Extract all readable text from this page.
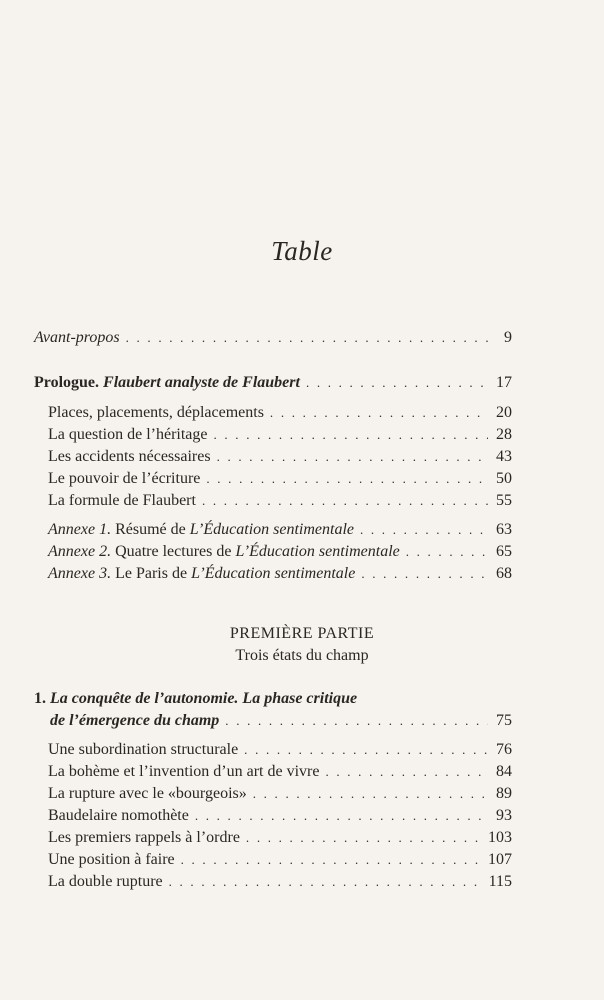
Table
Avant-propos . . .	9
Prologue. Flaubert analyste de Flaubert . . .	17
Places, placements, déplacements . . .	20
La question de l’héritage . . .	28
Les accidents nécessaires . . .	43
Le pouvoir de l’écriture . . .	50
La formule de Flaubert . . .	55
Annexe 1. Résumé de L’Éducation sentimentale . . .	63
Annexe 2. Quatre lectures de L’Éducation sentimentale . . .	65
Annexe 3. Le Paris de L’Éducation sentimentale . . .	68
PREMIÈRE PARTIE
Trois états du champ
1. La conquête de l’autonomie. La phase critique
de l’émergence du champ . . .	75
Une subordination structurale . . .	76
La bohème et l’invention d’un art de vivre . . .	84
La rupture avec le «bourgeois» . . .	89
Baudelaire nomothète . . .	93
Les premiers rappels à l’ordre . . .	103
Une position à faire . . .	107
La double rupture . . .	115
